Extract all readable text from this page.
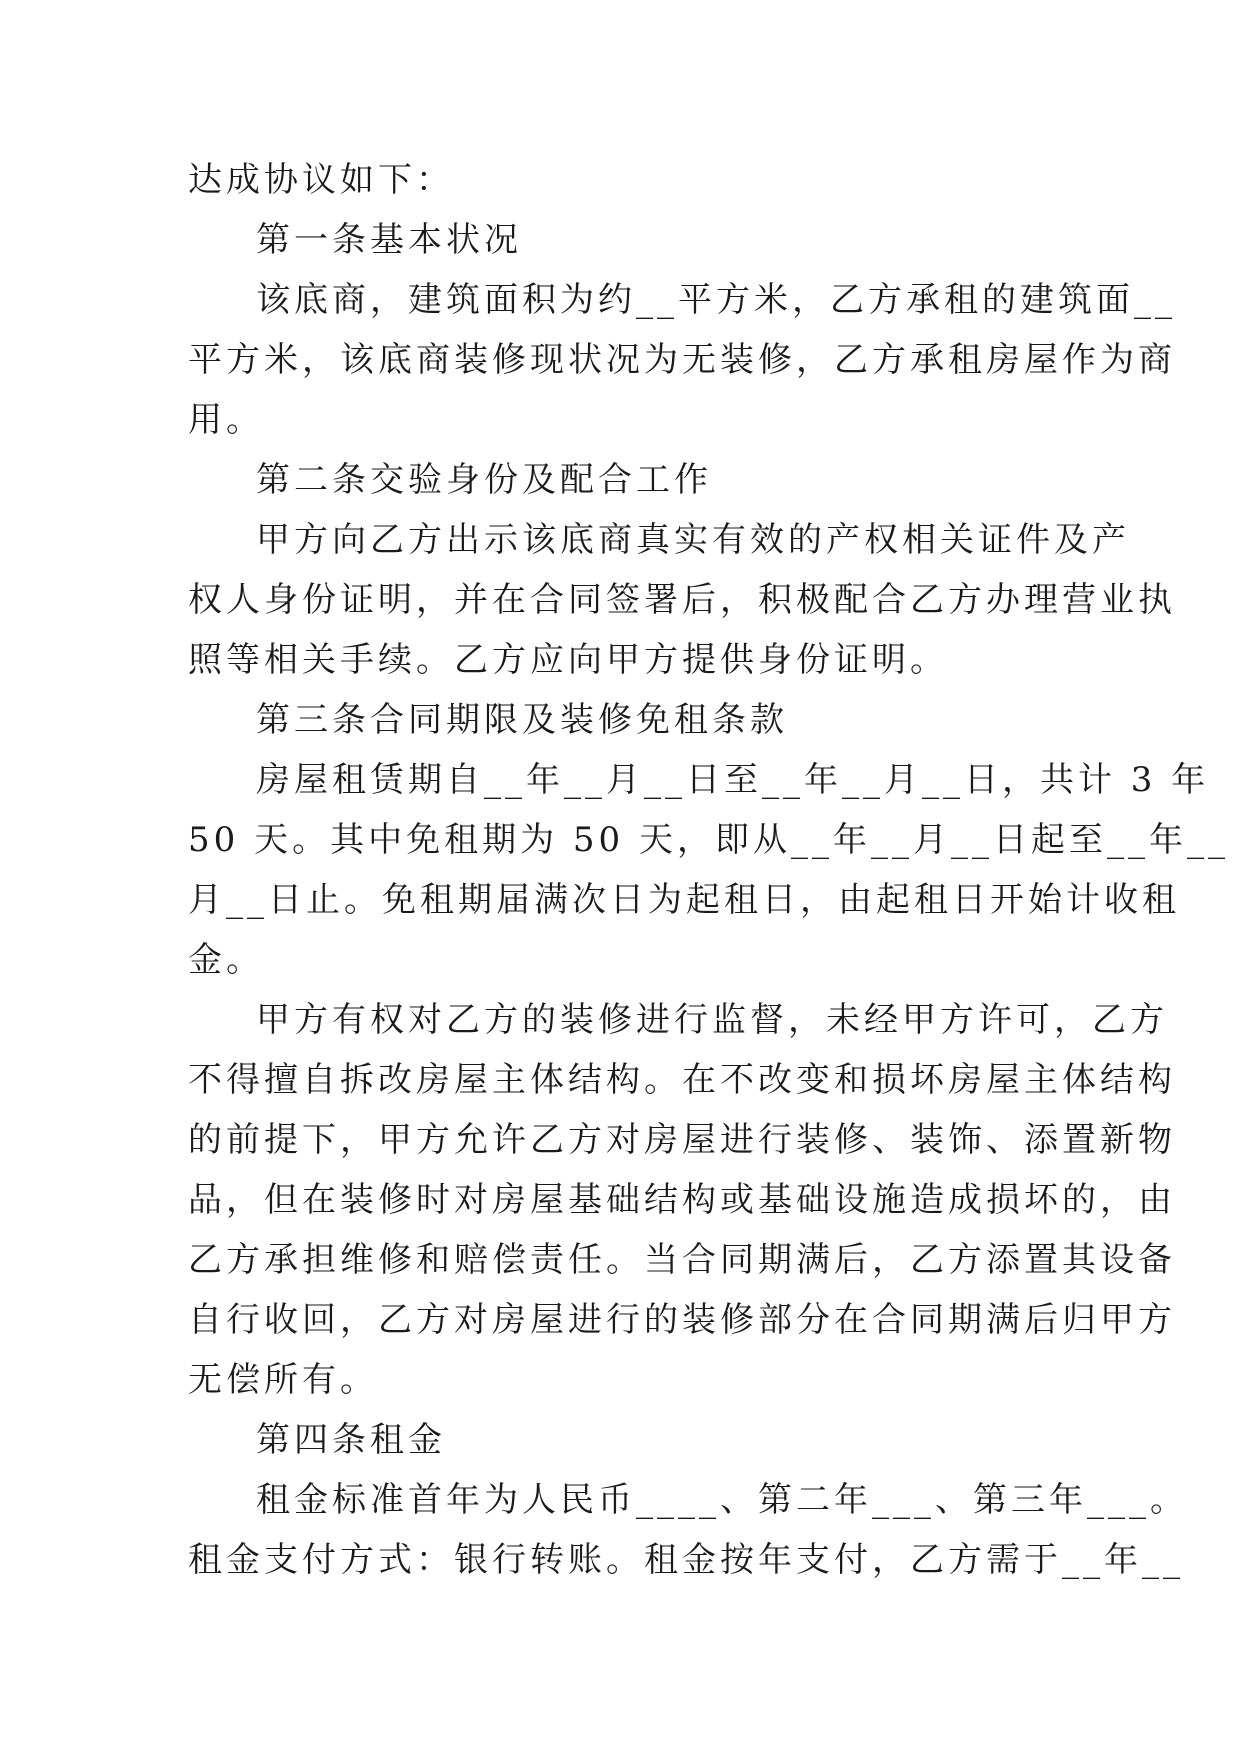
达成协议如下：

第一条基本状况

该底商，建筑面积为约__平方米，乙方承租的建筑面__

平方米，该底商装修现状况为无装修，乙方承租房屋作为商

用。

第二条交验身份及配合工作

甲方向乙方出示该底商真实有效的产权相关证件及产

权人身份证明，并在合同签署后，积极配合乙方办理营业执

照等相关手续。乙方应向甲方提供身份证明。

第三条合同期限及装修免租条款

房屋租赁期自__年__月__日至__年__月__日，共计 3 年

50 天。其中免租期为 50 天，即从__年__月__日起至__年__

月__日止。免租期届满次日为起租日，由起租日开始计收租

金。

甲方有权对乙方的装修进行监督，未经甲方许可，乙方

不得擅自拆改房屋主体结构。在不改变和损坏房屋主体结构

的前提下，甲方允许乙方对房屋进行装修、装饰、添置新物

品，但在装修时对房屋基础结构或基础设施造成损坏的，由

乙方承担维修和赔偿责任。当合同期满后，乙方添置其设备

自行收回，乙方对房屋进行的装修部分在合同期满后归甲方

无偿所有。

第四条租金

租金标准首年为人民币____、第二年___、第三年___。

租金支付方式：银行转账。租金按年支付，乙方需于__年__
